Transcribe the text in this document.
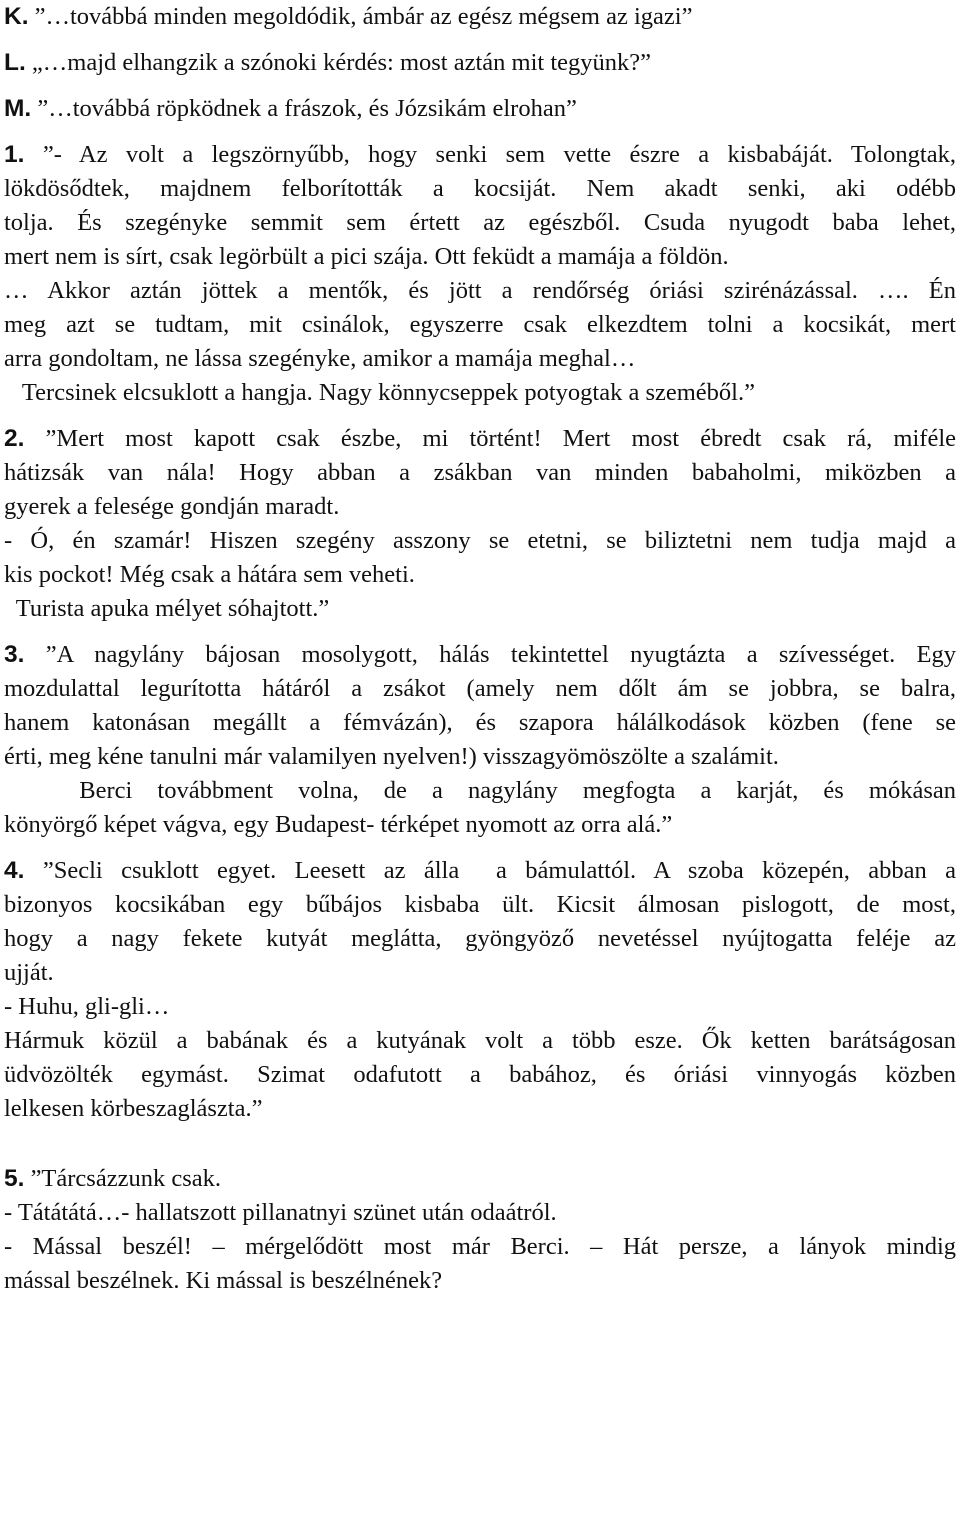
K. ”…továbbá minden megoldódik, ámbár az egész mégsem az igazi”
L. „…majd elhangzik a szónoki kérdés: most aztán mit tegyünk?”
M. ”…továbbá röpködnek a frászok, és Józsikám elrohan”
1. ”- Az volt a legszörnyűbb, hogy senki sem vette észre a kisbabáját. Tolongtak,
lökdösődtek, majdnem felborították a kocsiját. Nem akadt senki, aki odébb
tolja. És szegényke semmit sem értett az egészből. Csuda nyugodt baba lehet,
mert nem is sírt, csak legörbült a pici szája. Ott feküdt a mamája a földön.
… Akkor aztán jöttek a mentők, és jött a rendőrség óriási szirénázással. …. Én
meg azt se tudtam, mit csinálok, egyszerre csak elkezdtem tolni a kocsikát, mert
arra gondoltam, ne lássa szegényke, amikor a mamája meghal…
Tercsinek elcsuklott a hangja. Nagy könnycseppek potyogtak a szeméből.”
2. ”Mert most kapott csak észbe, mi történt! Mert most ébredt csak rá, miféle
hátizsák van nála! Hogy abban a zsákban van minden babaholmi, miközben a
gyerek a felesége gondján maradt.
- Ó, én szamár! Hiszen szegény asszony se etetni, se biliztetni nem tudja majd a
kis pockot! Még csak a hátára sem veheti.
Turista apuka mélyet sóhajtott.”
3. ”A nagylány bájosan mosolygott, hálás tekintettel nyugtázta a szívességet. Egy
mozdulattal legurította hátáról a zsákot (amely nem dőlt ám se jobbra, se balra,
hanem katonásan megállt a fémvázán), és szapora hálálkodások közben (fene se
érti, meg kéne tanulni már valamilyen nyelven!) visszagyömöszölte a szalámit.
Berci továbbment volna, de a nagylány megfogta a karját, és mókásan
könyörgő képet vágva, egy Budapest- térképet nyomott az orra alá.”
4. ”Secli csuklott egyet. Leesett az álla  a bámulattól. A szoba közepén, abban a
bizonyos kocsikában egy bűbájos kisbaba ült. Kicsit álmosan pislogott, de most,
hogy a nagy fekete kutyát meglátta, gyöngyöző nevetéssel nyújtogatta feléje az
ujját.
- Huhu, gli-gli…
Hármuk közül a babának és a kutyának volt a több esze. Ők ketten barátságosan
üdvözölték egymást. Szimat odafutott a babához, és óriási vinnyogás közben
lelkesen körbeszaglászta.”
5. ”Tárcsázzunk csak.
- Tátátátá…- hallatszott pillanatnyi szünet után odaátról.
- Mással beszél! – mérgelődött most már Berci. – Hát persze, a lányok mindig
mással beszélnek. Ki mással is beszélnének?
